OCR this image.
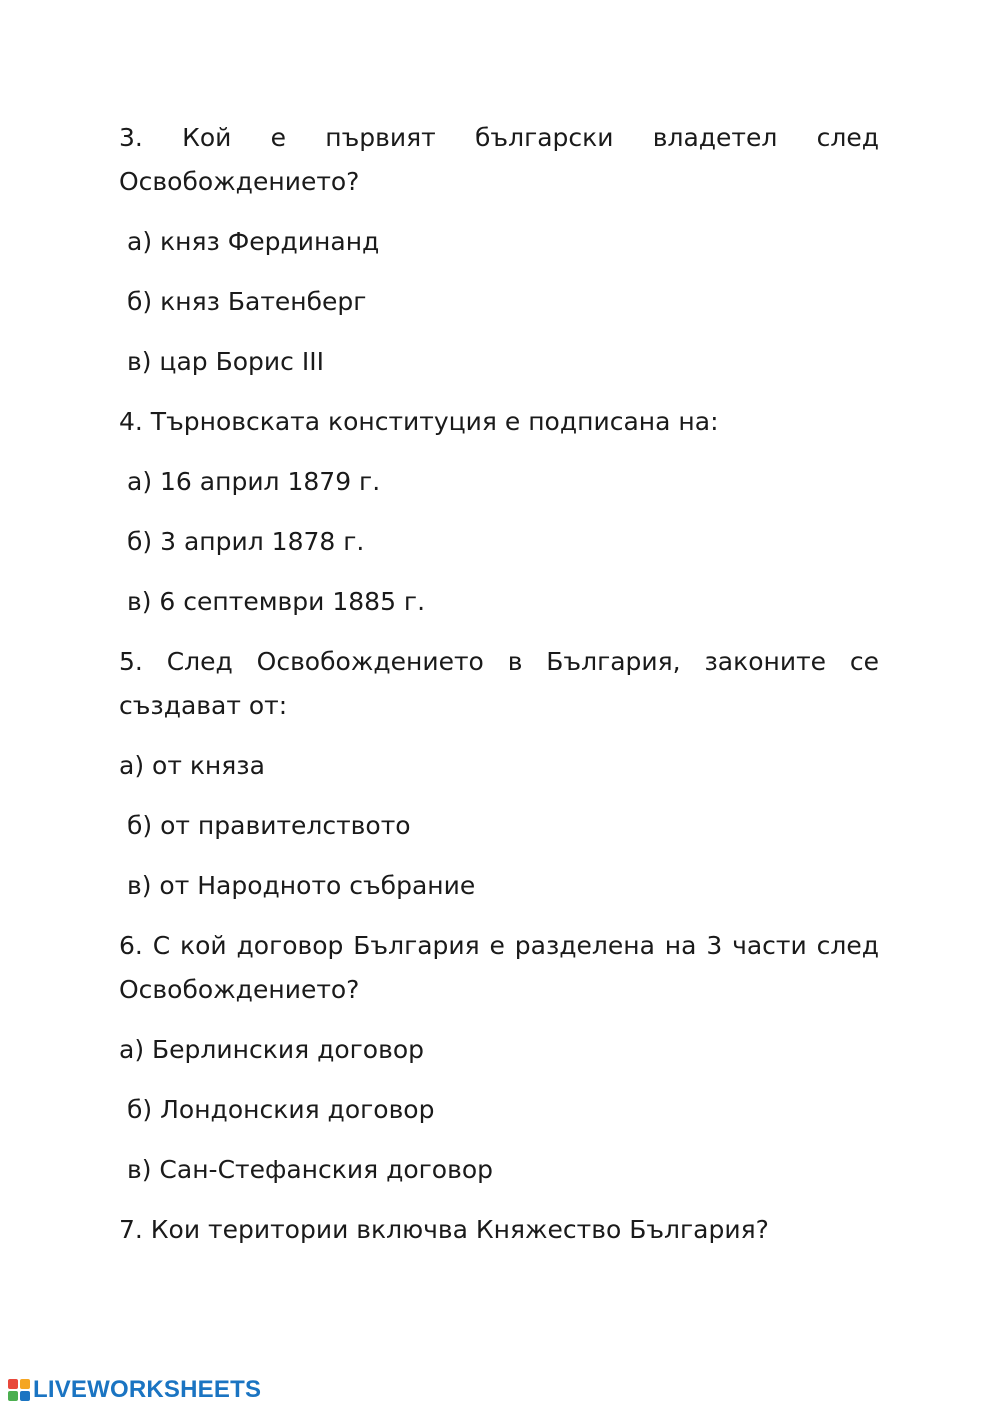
3. Кой е първият български владетел след Освобождението?

а) княз Фердинанд

б) княз Батенберг

в) цар Борис III

4. Търновската конституция е подписана на:

а) 16 април 1879 г.

б) 3 април 1878 г.

в) 6 септември 1885 г.

5. След Освобождението в България, законите се създават от:

а) от княза

б) от правителството

в) от Народното събрание

6. С кой договор България е разделена на 3 части след Освобождението?

а) Берлинския договор

б) Лондонския договор

в) Сан-Стефанския договор

7. Кои територии включва Княжество България?

LIVEWORKSHEETS
